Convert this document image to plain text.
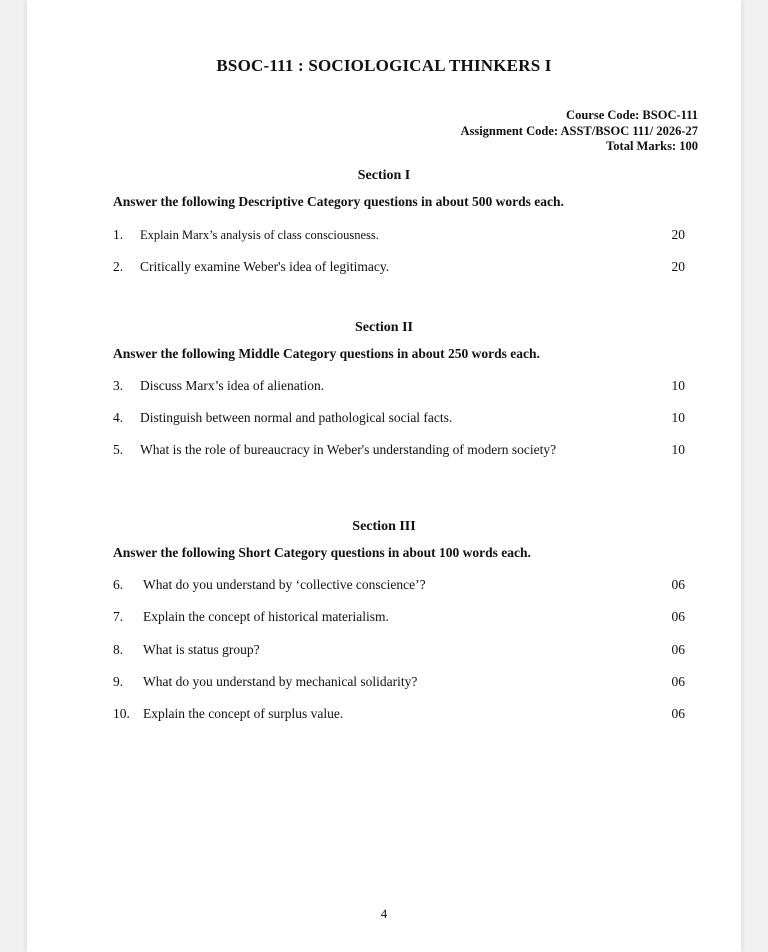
BSOC-111 : SOCIOLOGICAL THINKERS I
Course Code: BSOC-111
Assignment Code: ASST/BSOC 111/ 2026-27
Total Marks: 100
Section I
Answer the following Descriptive Category questions in about 500 words each.
1. Explain Marx’s analysis of class consciousness.	20
2. Critically examine Weber's idea of legitimacy.	20
Section II
Answer the following Middle Category questions in about 250 words each.
3. Discuss Marx’s idea of alienation.	10
4. Distinguish between normal and pathological social facts.	10
5. What is the role of bureaucracy in Weber's understanding of modern society?	10
Section III
Answer the following Short Category questions in about 100 words each.
6. What do you understand by ‘collective conscience’?	06
7. Explain the concept of historical materialism.	06
8. What is status group?	06
9. What do you understand by mechanical solidarity?	06
10. Explain the concept of surplus value.	06
4
